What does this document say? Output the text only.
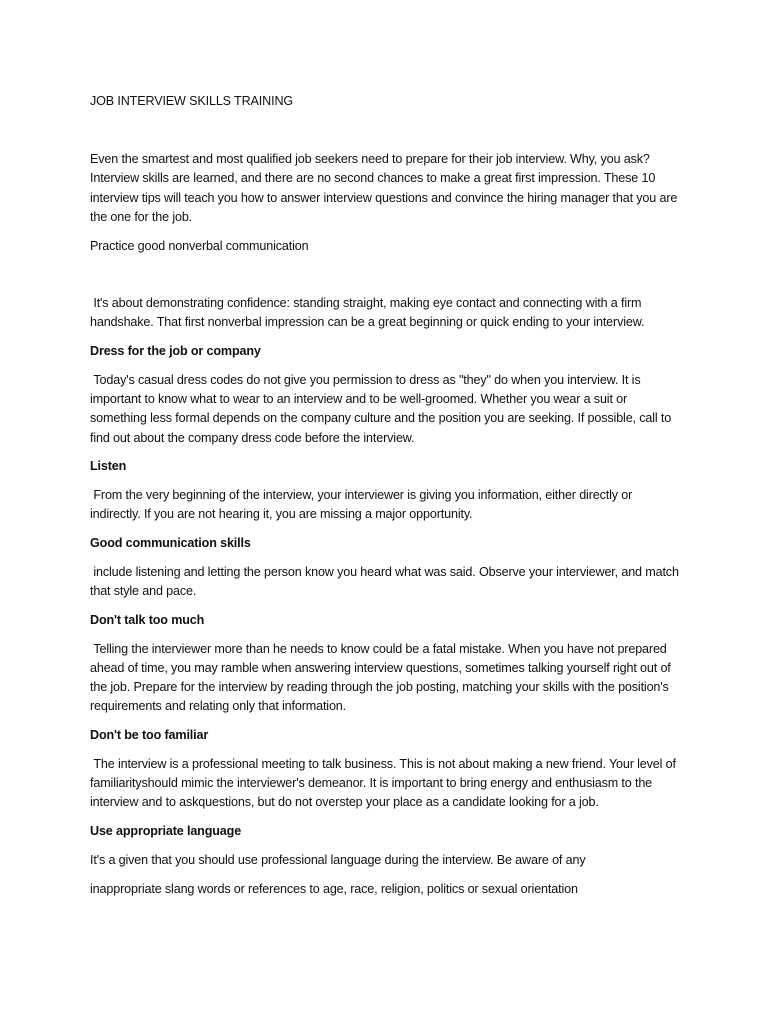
JOB INTERVIEW SKILLS TRAINING

Even the smartest and most qualified job seekers need to prepare for their job interview. Why, you ask? Interview skills are learned, and there are no second chances to make a great first impression. These 10 interview tips will teach you how to answer interview questions and convince the hiring manager that you are the one for the job.

Practice good nonverbal communication

It's about demonstrating confidence: standing straight, making eye contact and connecting with a firm handshake. That first nonverbal impression can be a great beginning or quick ending to your interview.

Dress for the job or company

Today's casual dress codes do not give you permission to dress as "they" do when you interview. It is important to know what to wear to an interview and to be well-groomed. Whether you wear a suit or something less formal depends on the company culture and the position you are seeking. If possible, call to find out about the company dress code before the interview.

Listen

From the very beginning of the interview, your interviewer is giving you information, either directly or indirectly. If you are not hearing it, you are missing a major opportunity.

Good communication skills

include listening and letting the person know you heard what was said. Observe your interviewer, and match that style and pace.

Don't talk too much

Telling the interviewer more than he needs to know could be a fatal mistake. When you have not prepared ahead of time, you may ramble when answering interview questions, sometimes talking yourself right out of the job. Prepare for the interview by reading through the job posting, matching your skills with the position's requirements and relating only that information.

Don't be too familiar

The interview is a professional meeting to talk business. This is not about making a new friend. Your level of familiarityshould mimic the interviewer's demeanor. It is important to bring energy and enthusiasm to the interview and to askquestions, but do not overstep your place as a candidate looking for a job.

Use appropriate language

It's a given that you should use professional language during the interview. Be aware of any

inappropriate slang words or references to age, race, religion, politics or sexual orientation
